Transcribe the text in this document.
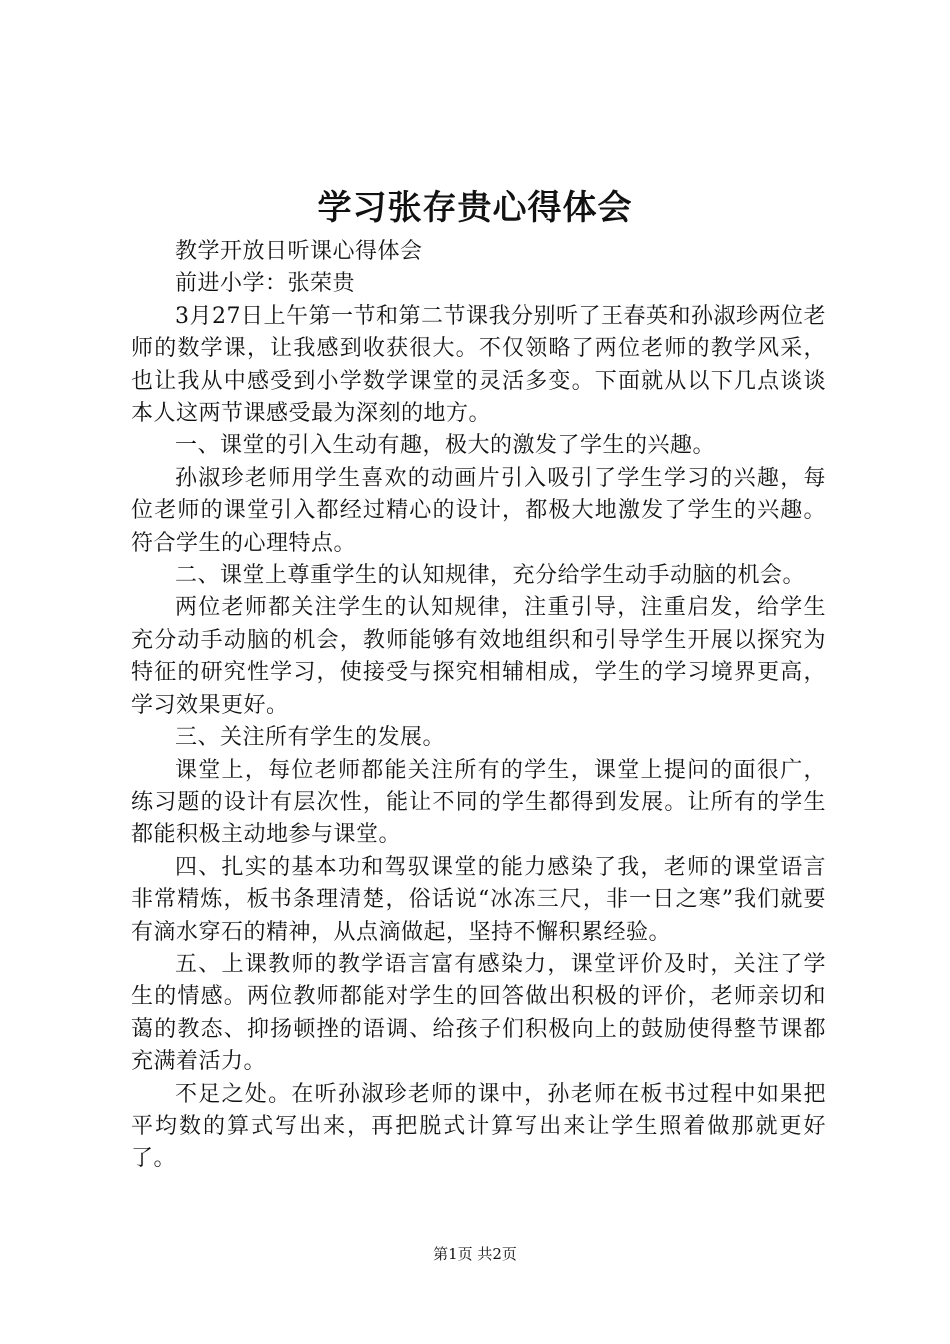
学习张存贵心得体会

教学开放日听课心得体会

前进小学：张荣贵

3月27日上午第一节和第二节课我分别听了王春英和孙淑珍两位老师的数学课，让我感到收获很大。不仅领略了两位老师的教学风采，也让我从中感受到小学数学课堂的灵活多变。下面就从以下几点谈谈本人这两节课感受最为深刻的地方。

一、课堂的引入生动有趣，极大的激发了学生的兴趣。

孙淑珍老师用学生喜欢的动画片引入吸引了学生学习的兴趣，每位老师的课堂引入都经过精心的设计，都极大地激发了学生的兴趣。符合学生的心理特点。

二、课堂上尊重学生的认知规律，充分给学生动手动脑的机会。

两位老师都关注学生的认知规律，注重引导，注重启发，给学生充分动手动脑的机会，教师能够有效地组织和引导学生开展以探究为特征的研究性学习，使接受与探究相辅相成，学生的学习境界更高，学习效果更好。

三、关注所有学生的发展。

课堂上，每位老师都能关注所有的学生，课堂上提问的面很广，练习题的设计有层次性，能让不同的学生都得到发展。让所有的学生都能积极主动地参与课堂。

四、扎实的基本功和驾驭课堂的能力感染了我，老师的课堂语言非常精炼，板书条理清楚，俗话说“冰冻三尺，非一日之寒”我们就要有滴水穿石的精神，从点滴做起，坚持不懈积累经验。

五、上课教师的教学语言富有感染力，课堂评价及时，关注了学生的情感。两位教师都能对学生的回答做出积极的评价，老师亲切和蔼的教态、抑扬顿挫的语调、给孩子们积极向上的鼓励使得整节课都充满着活力。

不足之处。在听孙淑珍老师的课中，孙老师在板书过程中如果把平均数的算式写出来，再把脱式计算写出来让学生照着做那就更好了。

第1页 共2页
